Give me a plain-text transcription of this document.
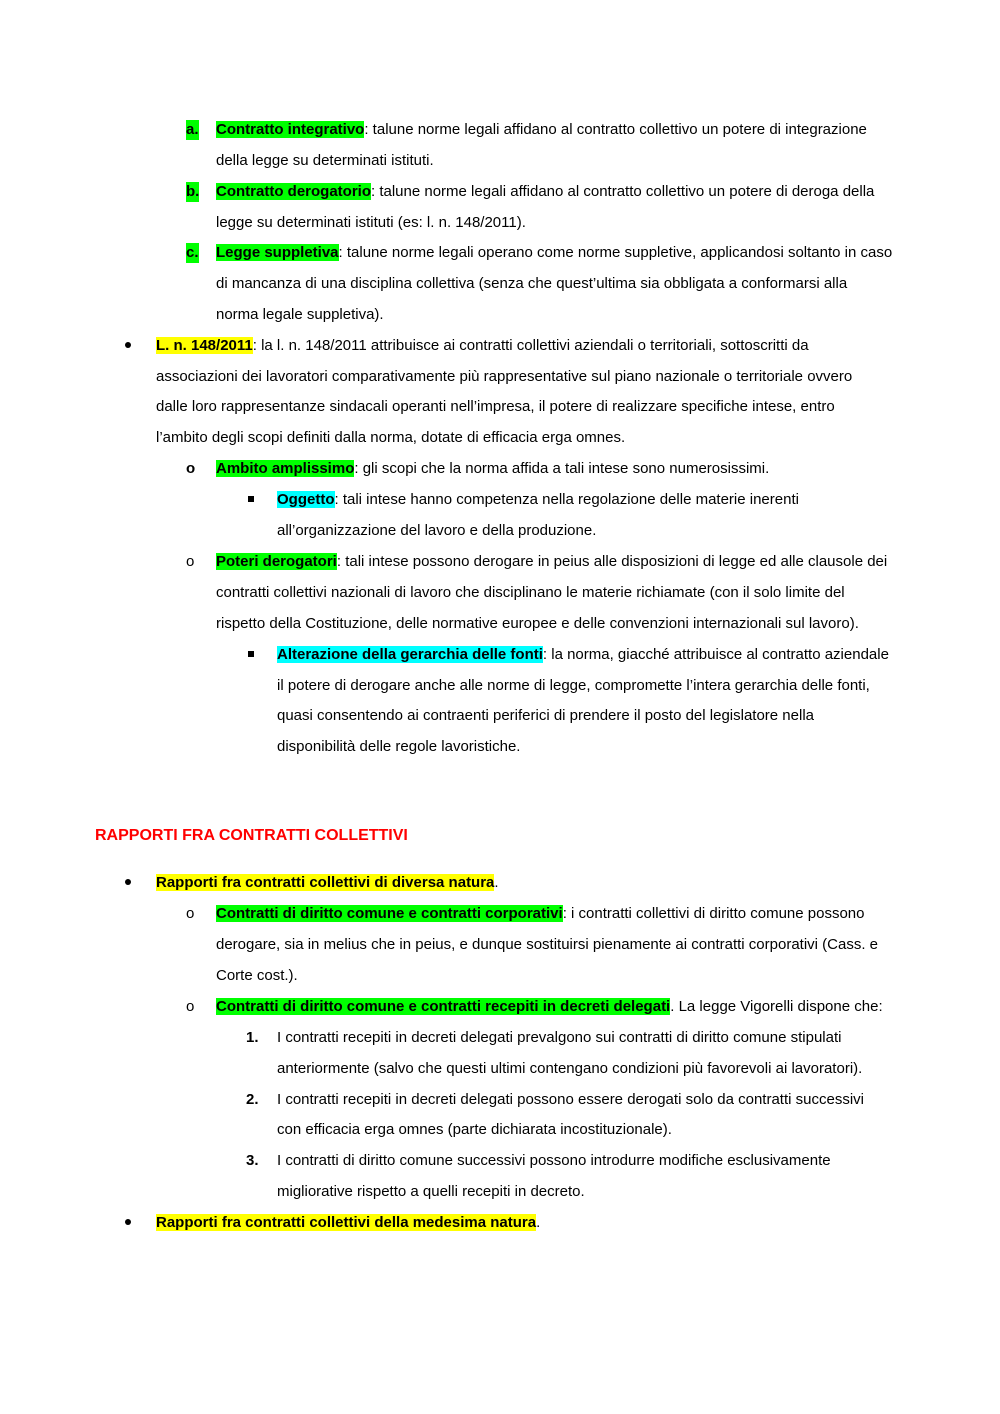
a. Contratto integrativo: talune norme legali affidano al contratto collettivo un potere di integrazione
della legge su determinati istituti.
b. Contratto derogatorio: talune norme legali affidano al contratto collettivo un potere di deroga della
legge su determinati istituti (es: l. n. 148/2011).
c. Legge suppletiva: talune norme legali operano come norme suppletive, applicandosi soltanto in caso
di mancanza di una disciplina collettiva (senza che quest’ultima sia obbligata a conformarsi alla
norma legale suppletiva).
L. n. 148/2011: la l. n. 148/2011 attribuisce ai contratti collettivi aziendali o territoriali, sottoscritti da
associazioni dei lavoratori comparativamente più rappresentative sul piano nazionale o territoriale ovvero
dalle loro rappresentanze sindacali operanti nell’impresa, il potere di realizzare specifiche intese, entro
l’ambito degli scopi definiti dalla norma, dotate di efficacia erga omnes.
o Ambito amplissimo: gli scopi che la norma affida a tali intese sono numerosissimi.
Oggetto: tali intese hanno competenza nella regolazione delle materie inerenti
all’organizzazione del lavoro e della produzione.
o Poteri derogatori: tali intese possono derogare in peius alle disposizioni di legge ed alle clausole dei
contratti collettivi nazionali di lavoro che disciplinano le materie richiamate (con il solo limite del
rispetto della Costituzione, delle normative europee e delle convenzioni internazionali sul lavoro).
Alterazione della gerarchia delle fonti: la norma, giacché attribuisce al contratto aziendale
il potere di derogare anche alle norme di legge, compromette l’intera gerarchia delle fonti,
quasi consentendo ai contraenti periferici di prendere il posto del legislatore nella
disponibilità delle regole lavoristiche.
RAPPORTI FRA CONTRATTI COLLETTIVI
Rapporti fra contratti collettivi di diversa natura.
o Contratti di diritto comune e contratti corporativi: i contratti collettivi di diritto comune possono
derogare, sia in melius che in peius, e dunque sostituirsi pienamente ai contratti corporativi (Cass. e
Corte cost.).
o Contratti di diritto comune e contratti recepiti in decreti delegati. La legge Vigorelli dispone che:
1. I contratti recepiti in decreti delegati prevalgono sui contratti di diritto comune stipulati
anteriormente (salvo che questi ultimi contengano condizioni più favorevoli ai lavoratori).
2. I contratti recepiti in decreti delegati possono essere derogati solo da contratti successivi
con efficacia erga omnes (parte dichiarata incostituzionale).
3. I contratti di diritto comune successivi possono introdurre modifiche esclusivamente
migliorative rispetto a quelli recepiti in decreto.
Rapporti fra contratti collettivi della medesima natura.
